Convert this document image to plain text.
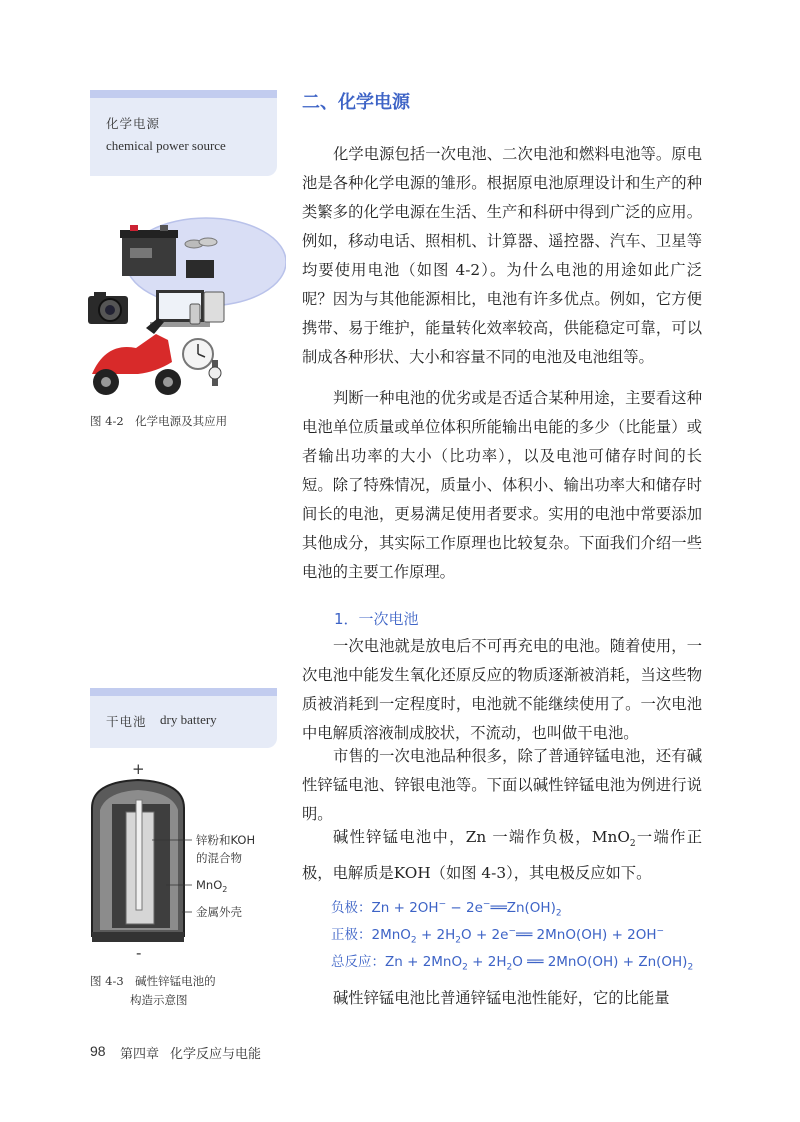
化学电源
chemical power source
图 4-2　化学电源及其应用
干电池 dry battery
+
-
锌粉和KOH
的混合物
MnO$_2$
金属外壳
图 4-3　碱性锌锰电池的
构造示意图
二、化学电源

化学电源包括一次电池、二次电池和燃料电池等。原电池是各种化学电源的雏形。根据原电池原理设计和生产的种类繁多的化学电源在生活、生产和科研中得到广泛的应用。例如，移动电话、照相机、计算器、遥控器、汽车、卫星等均要使用电池（如图 4-2）。为什么电池的用途如此广泛呢？因为与其他能源相比，电池有许多优点。例如，它方便携带、易于维护，能量转化效率较高，供能稳定可靠，可以制成各种形状、大小和容量不同的电池及电池组等。

判断一种电池的优劣或是否适合某种用途，主要看这种电池单位质量或单位体积所能输出电能的多少（比能量）或者输出功率的大小（比功率），以及电池可储存时间的长短。除了特殊情况，质量小、体积小、输出功率大和储存时间长的电池，更易满足使用者要求。实用的电池中常要添加其他成分，其实际工作原理也比较复杂。下面我们介绍一些电池的主要工作原理。

1．一次电池

一次电池就是放电后不可再充电的电池。随着使用，一次电池中能发生氧化还原反应的物质逐渐被消耗，当这些物质被消耗到一定程度时，电池就不能继续使用了。一次电池中电解质溶液制成胶状，不流动，也叫做干电池。

市售的一次电池品种很多，除了普通锌锰电池，还有碱性锌锰电池、锌银电池等。下面以碱性锌锰电池为例进行说明。

碱性锌锰电池中，Zn 一端作负极，MnO$_2$一端作正极，电解质是KOH（如图 4-3），其电极反应如下。

负极：$Zn + 2OH^- - 2e^-══Zn(OH)_2$
正极：$2MnO_2 + 2H_2O$ + 2e−══ 2MnO(OH) + 2OH−
总反应：$Zn + 2MnO_2 + 2H_2O$ ══ $2MnO(OH) + Zn(OH)_2$

碱性锌锰电池比普通锌锰电池性能好，它的比能量

98 第四章 化学反应与电能
